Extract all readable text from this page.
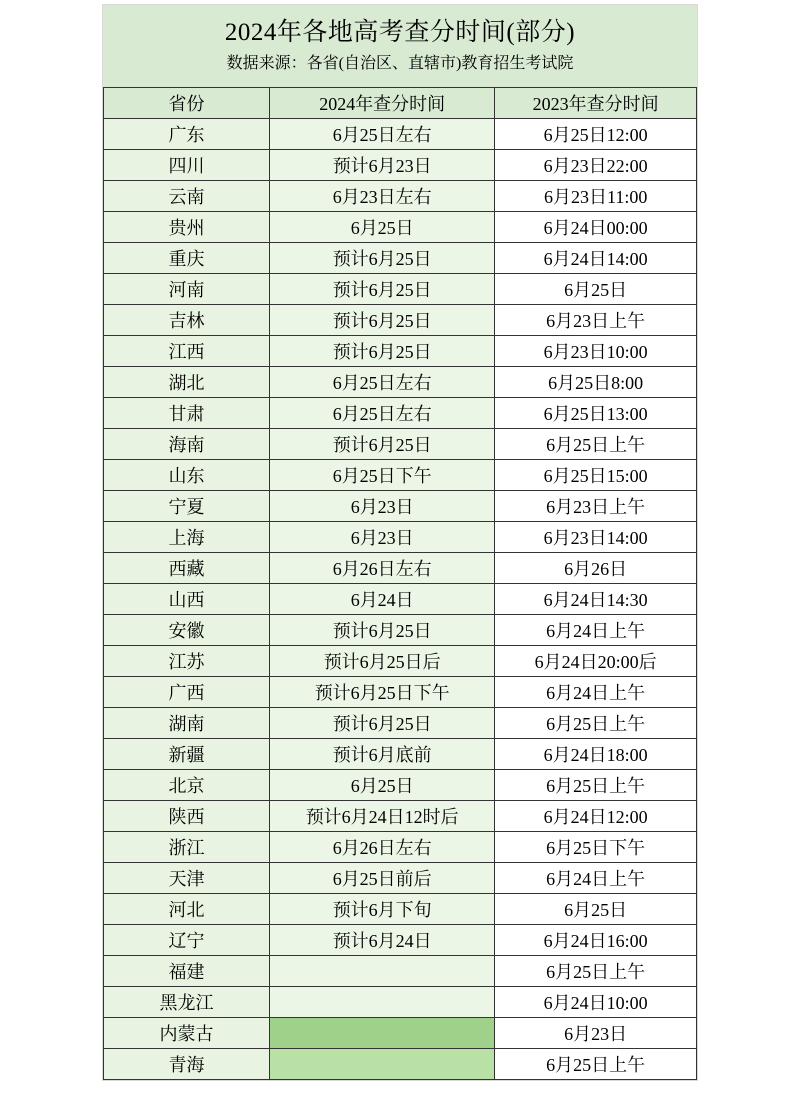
2024年各地高考查分时间(部分)
数据来源：各省(自治区、直辖市)教育招生考试院
省份	2024年查分时间	2023年查分时间
广东	6月25日左右	6月25日12:00
四川	预计6月23日	6月23日22:00
云南	6月23日左右	6月23日11:00
贵州	6月25日	6月24日00:00
重庆	预计6月25日	6月24日14:00
河南	预计6月25日	6月25日
吉林	预计6月25日	6月23日上午
江西	预计6月25日	6月23日10:00
湖北	6月25日左右	6月25日8:00
甘肃	6月25日左右	6月25日13:00
海南	预计6月25日	6月25日上午
山东	6月25日下午	6月25日15:00
宁夏	6月23日	6月23日上午
上海	6月23日	6月23日14:00
西藏	6月26日左右	6月26日
山西	6月24日	6月24日14:30
安徽	预计6月25日	6月24日上午
江苏	预计6月25日后	6月24日20:00后
广西	预计6月25日下午	6月24日上午
湖南	预计6月25日	6月25日上午
新疆	预计6月底前	6月24日18:00
北京	6月25日	6月25日上午
陕西	预计6月24日12时后	6月24日12:00
浙江	6月26日左右	6月25日下午
天津	6月25日前后	6月24日上午
河北	预计6月下旬	6月25日
辽宁	预计6月24日	6月24日16:00
福建		6月25日上午
黑龙江		6月24日10:00
内蒙古		6月23日
青海		6月25日上午
